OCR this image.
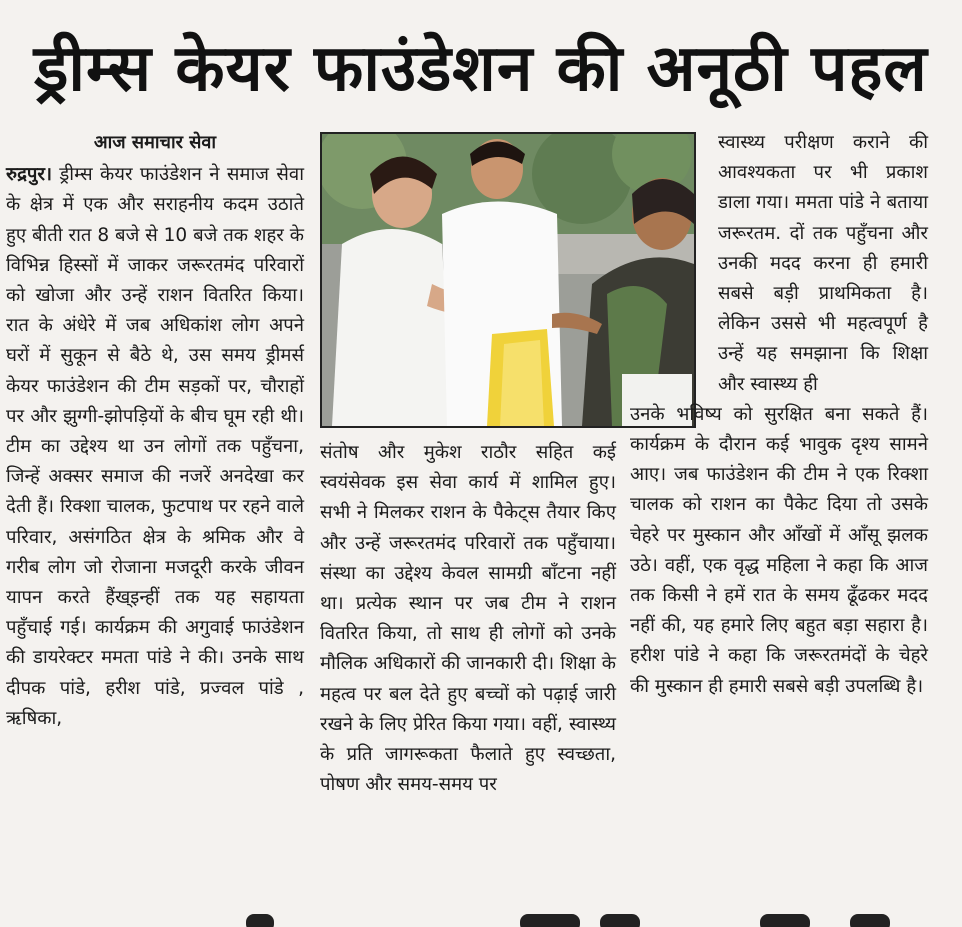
ड्रीम्स केयर फाउंडेशन की अनूठी पहल

आज समाचार सेवा

रुद्रपुर। ड्रीम्स केयर फाउंडेशन ने समाज सेवा के क्षेत्र में एक और सराहनीय कदम उठाते हुए बीती रात 8 बजे से 10 बजे तक शहर के विभिन्न हिस्सों में जाकर जरूरतमंद परिवारों को खोजा और उन्हें राशन वितरित किया। रात के अंधेरे में जब अधिकांश लोग अपने घरों में सुकून से बैठे थे, उस समय ड्रीमर्स केयर फाउंडेशन की टीम सड़कों पर, चौराहों पर और झुग्गी-झोपड़ियों के बीच घूम रही थी। टीम का उद्देश्य था उन लोगों तक पहुँचना, जिन्हें अक्सर समाज की नजरें अनदेखा कर देती हैं। रिक्शा चालक, फुटपाथ पर रहने वाले परिवार, असंगठित क्षेत्र के श्रमिक और वे गरीब लोग जो रोजाना मजदूरी करके जीवन यापन करते हैंख्इन्हीं तक यह सहायता पहुँचाई गई। कार्यक्रम की अगुवाई फाउंडेशन की डायरेक्टर ममता पांडे ने की। उनके साथ दीपक पांडे, हरीश पांडे, प्रज्वल पांडे , ऋषिका,

संतोष और मुकेश राठौर सहित कई स्वयंसेवक इस सेवा कार्य में शामिल हुए। सभी ने मिलकर राशन के पैकेट्स तैयार किए और उन्हें जरूरतमंद परिवारों तक पहुँचाया। संस्था का उद्देश्य केवल सामग्री बाँटना नहीं था। प्रत्येक स्थान पर जब टीम ने राशन वितरित किया, तो साथ ही लोगों को उनके मौलिक अधिकारों की जानकारी दी। शिक्षा के महत्व पर बल देते हुए बच्चों को पढ़ाई जारी रखने के लिए प्रेरित किया गया। वहीं, स्वास्थ्य के प्रति जागरूकता फैलाते हुए स्वच्छता, पोषण और समय-समय पर

स्वास्थ्य परीक्षण कराने की आवश्यकता पर भी प्रकाश डाला गया। ममता पांडे ने बताया जरूरतम. दों तक पहुँचना और उनकी मदद करना ही हमारी सबसे बड़ी प्राथमिकता है। लेकिन उससे भी महत्वपूर्ण है उन्हें यह समझाना कि शिक्षा और स्वास्थ्य ही

उनके भविष्य को सुरक्षित बना सकते हैं। कार्यक्रम के दौरान कई भावुक दृश्य सामने आए। जब फाउंडेशन की टीम ने एक रिक्शा चालक को राशन का पैकेट दिया तो उसके चेहरे पर मुस्कान और आँखों में आँसू झलक उठे। वहीं, एक वृद्ध महिला ने कहा कि आज तक किसी ने हमें रात के समय ढूँढकर मदद नहीं की, यह हमारे लिए बहुत बड़ा सहारा है। हरीश पांडे ने कहा कि जरूरतमंदों के चेहरे की मुस्कान ही हमारी सबसे बड़ी उपलब्धि है।
